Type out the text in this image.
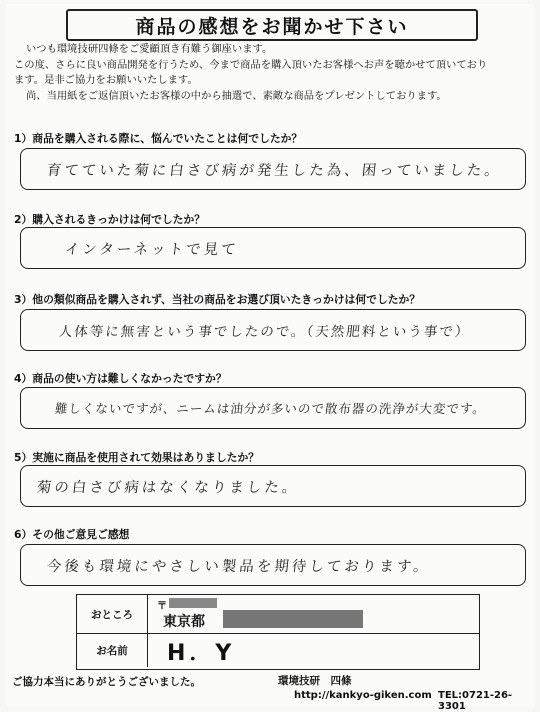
商品の感想をお聞かせ下さい

いつも環境技研四條をご愛顧頂き有難う御座います。

この度、さらに良い商品開発を行うため、今まで商品を購入頂いたお客様へお声を聴かせて頂いており

ます。是非ご協力をお願いいたします。

尚、当用紙をご返信頂いたお客様の中から抽選で、素敵な商品をプレゼントしております。

1）商品を購入される際に、悩んでいたことは何でしたか？
育てていた菊に白さび病が発生した為、困っていました。
2）購入されるきっかけは何でしたか？
インターネットで見て
3）他の類似商品を購入されず、当社の商品をお選び頂いたきっかけは何でしたか？
人体等に無害という事でしたので。（天然肥料という事で）
4）商品の使い方は難しくなかったですか？
難しくないですが、ニームは油分が多いので散布器の洗浄が大変です。
5）実施に商品を使用されて効果はありましたか？
菊の白さび病はなくなりました。
6）その他ご意見ご感想
今後も環境にやさしい製品を期待しております。
おところ
〒
東京都
お名前	H．Y
ご協力本当にありがとうございました。	環境技研　四條
http://kankyo-giken.com TEL:0721-26-3301
